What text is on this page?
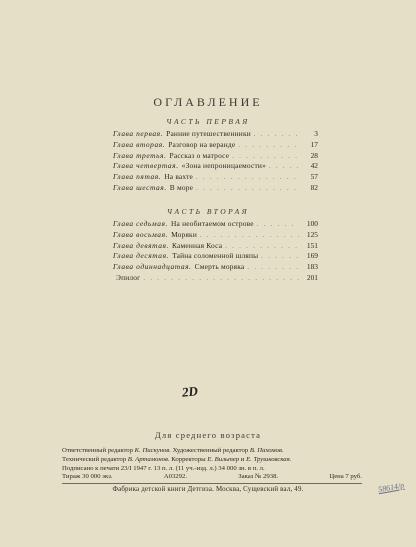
ОГЛАВЛЕНИЕ
ЧАСТЬ ПЕРВАЯ
Глава первая. Ранние путешественники . . .	3
Глава вторая. Разговор на веранде . . .	17
Глава третья. Рассказ о матросе . . .	28
Глава четвертая. «Зона непроницаемости» . . .	42
Глава пятая. На вахте . . .	57
Глава шестая. В море . . .	82
ЧАСТЬ ВТОРАЯ
Глава седьмая. На необитаемом острове . . .	100
Глава восьмая. Моряки . . .	125
Глава девятая. Каменная Коса . . .	151
Глава десятая. Тайна соломенной шляпы . . .	169
Глава одиннадцатая. Смерть моряка . . .	183
Эпилог . . .	201
2D
Для среднего возраста
Ответственный редактор К. Пискунов. Художественный редактор В. Пахомов.
Технический редактор В. Артамонов. Корректоры Е. Вильтер и Е. Трушковская.
Подписано к печати 23/I 1947 г. 13 п. л. (11 уч.-изд. л.) 34 000 зн. в п. л.
Тираж 30 000 экз.	А03292.	Заказ № 2938.	Цена 7 руб.
Фабрика детской книги Детгиза. Москва, Сущевский вал, 49.	58614/р
